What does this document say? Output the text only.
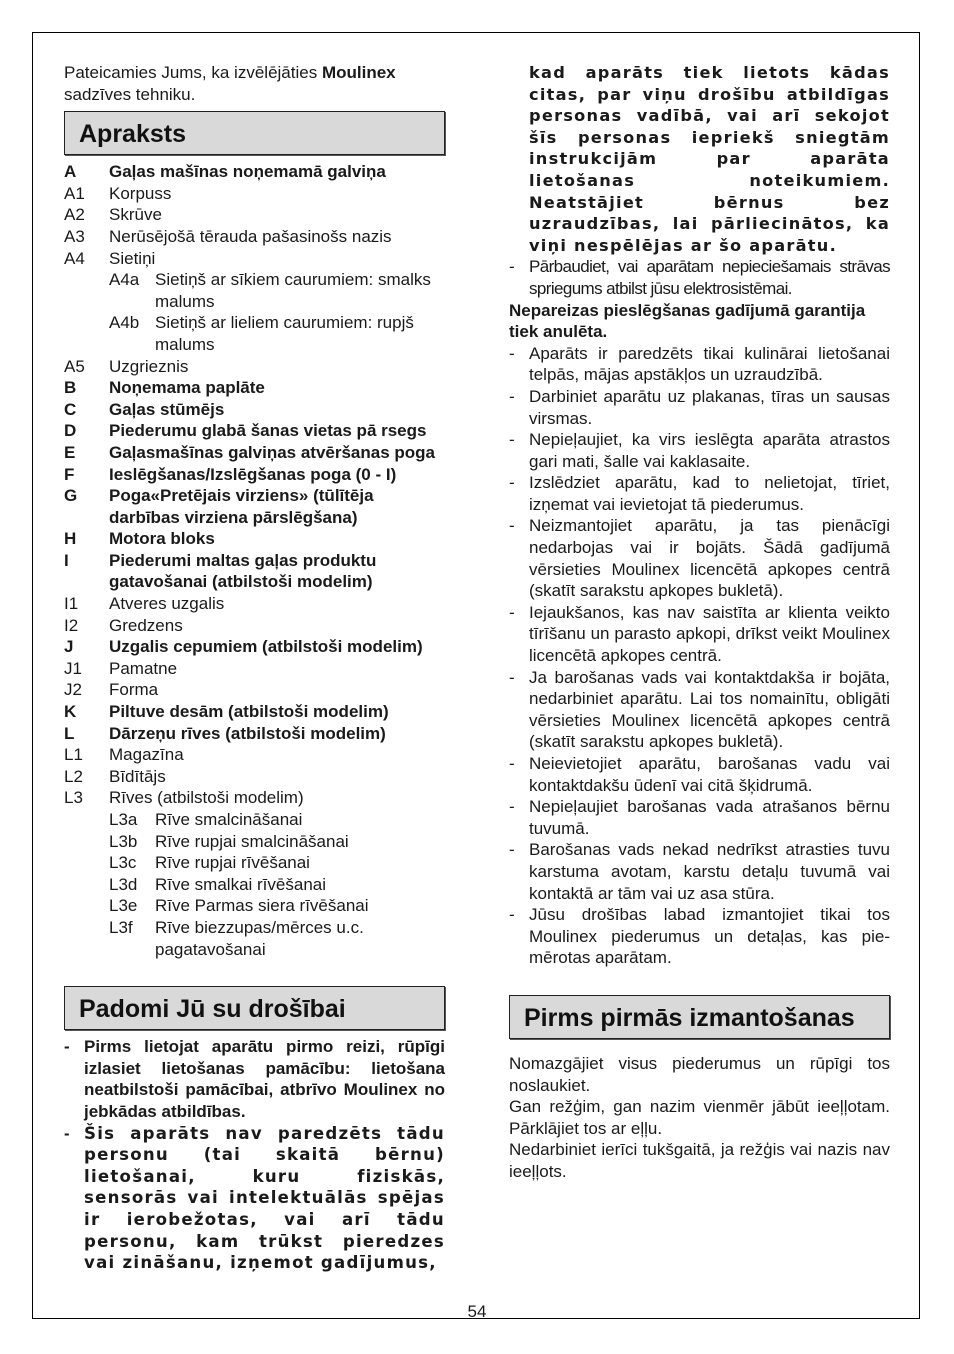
Pateicamies Jums, ka izvēlējāties Moulinex sadzīves tehniku.

Apraksts
A Gaļas mašīnas noņemamā galviņa
A1 Korpuss
A2 Skrūve
A3 Nerūsējošā tērauda pašasinošs nazis
A4 Sietiņi
A4a Sietiņš ar sīkiem caurumiem: smalks malums
A4b Sietiņš ar lieliem caurumiem: rupjš malums
A5 Uzgrieznis
B Noņemama paplāte
C Gaļas stūmējs
D Piederumu glabā šanas vietas pā rsegs
E Gaļasmašīnas galviņas atvēršanas poga
F Ieslēgšanas/Izslēgšanas poga (0 - I)
G Poga«Pretējais virziens» (tūlītēja darbības virziena pārslēgšana)
H Motora bloks
I Piederumi maltas gaļas produktu gatavošanai (atbilstoši modelim)
I1 Atveres uzgalis
I2 Gredzens
J Uzgalis cepumiem (atbilstoši modelim)
J1 Pamatne
J2 Forma
K Piltuve desām (atbilstoši modelim)
L Dārzeņu rīves (atbilstoši modelim)
L1 Magazīna
L2 Bīdītājs
L3 Rīves (atbilstoši modelim)
L3a Rīve smalcināšanai
L3b Rīve rupjai smalcināšanai
L3c Rīve rupjai rīvēšanai
L3d Rīve smalkai rīvēšanai
L3e Rīve Parmas siera rīvēšanai
L3f Rīve biezzupas/mērces u.c. pagatavošanai
Padomi Jū su drošībai
- Pirms lietojat aparātu pirmo reizi, rūpīgi izlasiet lietošanas pamācību: lietošana neatbilstoši pamācībai, atbrīvo Moulinex no jebkādas atbildības.
- Šis aparāts nav paredzēts tādu personu (tai skaitā bērnu) lietošanai, kuru fiziskās, sensorās vai intelektuālās spējas ir ierobežotas, vai arī tādu personu, kam trūkst pieredzes vai zināšanu, izņemot gadījumus,
kad aparāts tiek lietots kādas citas, par viņu drošību atbildīgas personas vadībā, vai arī sekojot šīs personas iepriekš sniegtām instrukcijām par aparāta lietošanas noteikumiem. Neatstājiet bērnus bez uzraudzības, lai pārliecinātos, ka viņi nespēlējas ar šo aparātu.
- Pārbaudiet, vai aparātam nepieciešamais strāvas spriegums atbilst jūsu elektrosistēmai.
Nepareizas pieslēgšanas gadījumā garantija tiek anulēta.
- Aparāts ir paredzēts tikai kulinārai lietošanai telpās, mājas apstākļos un uzraudzībā.
- Darbiniet aparātu uz plakanas, tīras un sausas virsmas.
- Nepieļaujiet, ka virs ieslēgta aparāta atrastos gari mati, šalle vai kaklasaite.
- Izslēdziet aparātu, kad to nelietojat, tīriet, izņemat vai ievietojat tā piederumus.
- Neizmantojiet aparātu, ja tas pienācīgi nedarbojas vai ir bojāts. Šādā gadījumā vērsieties Moulinex licencētā apkopes centrā (skatīt sarakstu apkopes bukletā).
- Iejaukšanos, kas nav saistīta ar klienta veikto tīrīšanu un parasto apkopi, drīkst veikt Moulinex licencētā apkopes centrā.
- Ja barošanas vads vai kontaktdakša ir bojāta, nedarbiniet aparātu. Lai tos nomainītu, obligāti vērsieties Moulinex licencētā apkopes centrā (skatīt sarakstu apkopes bukletā).
- Neievietojiet aparātu, barošanas vadu vai kontaktdakšu ūdenī vai citā šķidrumā.
- Nepieļaujiet barošanas vada atrašanos bērnu tuvumā.
- Barošanas vads nekad nedrīkst atrasties tuvu karstuma avotam, karstu detaļu tuvumā vai kontaktā ar tām vai uz asa stūra.
- Jūsu drošības labad izmantojiet tikai tos Moulinex piederumus un detaļas, kas pie-mērotas aparātam.
Pirms pirmās izmantošanas

Nomazgājiet visus piederumus un rūpīgi tos noslaukiet.

Gan režģim, gan nazim vienmēr jābūt ieeļļotam. Pārklājiet tos ar eļļu.

Nedarbiniet ierīci tukšgaitā, ja režģis vai nazis nav ieeļļots.

54
